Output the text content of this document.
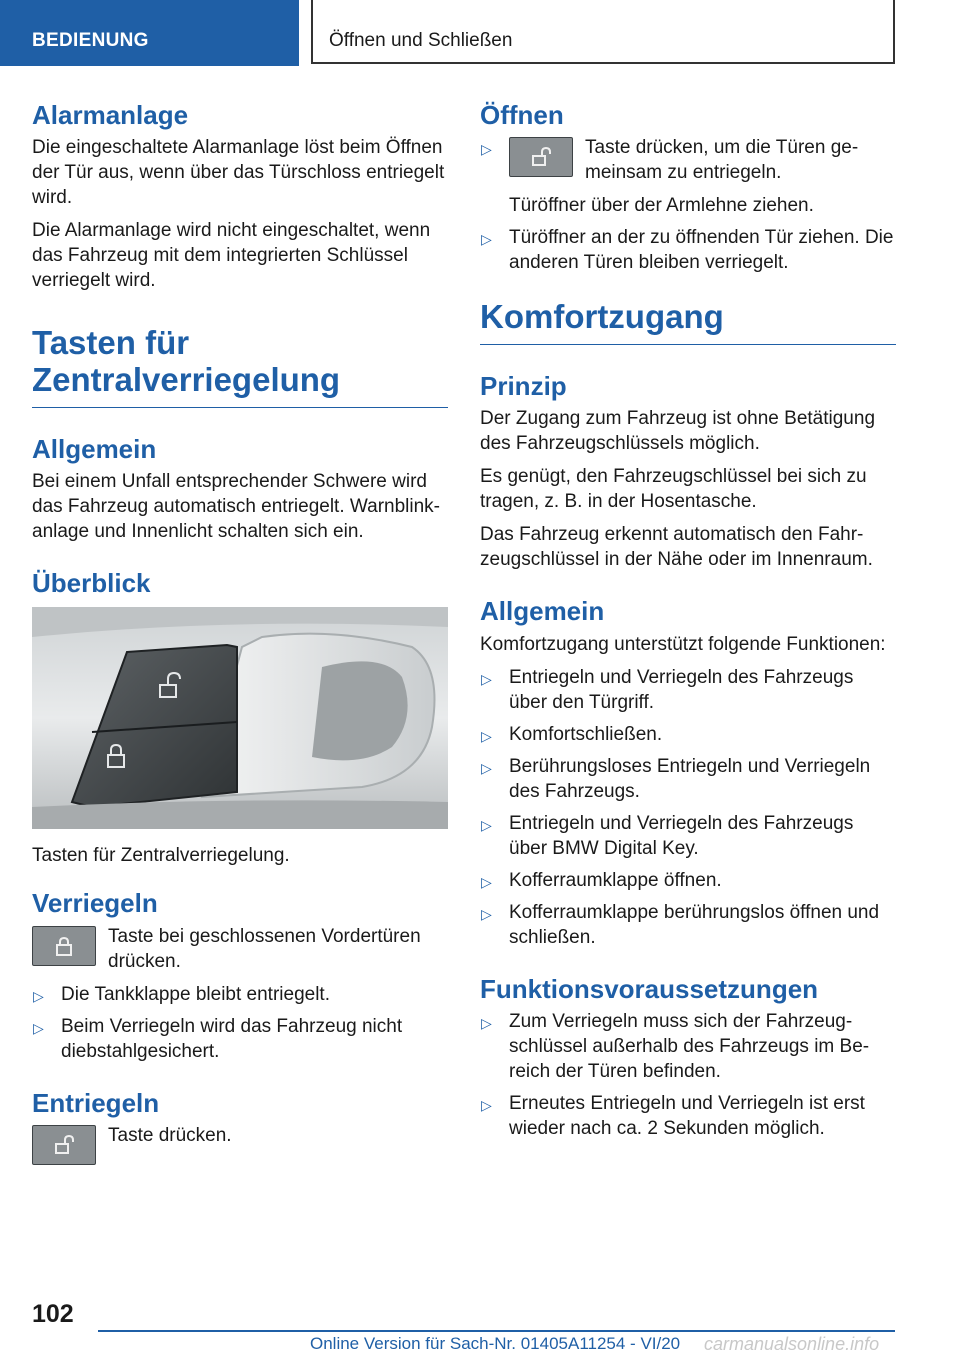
BEDIENUNG	Öffnen und Schließen
Alarmanlage

Die eingeschaltete Alarmanlage löst beim Öffnen der Tür aus, wenn über das Türschloss entriegelt wird.

Die Alarmanlage wird nicht eingeschaltet, wenn das Fahrzeug mit dem integrierten Schlüssel verriegelt wird.

Tasten für Zentralverriegelung
Allgemein

Bei einem Unfall entsprechender Schwere wird das Fahrzeug automatisch entriegelt. Warnblinkanlage und Innenlicht schalten sich ein.

Überblick

Tasten für Zentralverriegelung.

Verriegeln
Taste bei geschlossenen Vordertüren drücken.
▷ Die Tankklappe bleibt entriegelt.
▷ Beim Verriegeln wird das Fahrzeug nicht diebstahlgesichert.
Entriegeln
Taste drücken.
Öffnen
▷	Taste drücken, um die Türen gemeinsam zu entriegeln.
Türöffner über der Armlehne ziehen.
▷ Türöffner an der zu öffnenden Tür ziehen. Die anderen Türen bleiben verriegelt.
Komfortzugang
Prinzip

Der Zugang zum Fahrzeug ist ohne Betätigung des Fahrzeugschlüssels möglich.

Es genügt, den Fahrzeugschlüssel bei sich zu tragen, z. B. in der Hosentasche.

Das Fahrzeug erkennt automatisch den Fahrzeugschlüssel in der Nähe oder im Innenraum.

Allgemein

Komfortzugang unterstützt folgende Funktionen:

▷ Entriegeln und Verriegeln des Fahrzeugs über den Türgriff.
▷ Komfortschließen.
▷ Berührungsloses Entriegeln und Verriegeln des Fahrzeugs.
▷ Entriegeln und Verriegeln des Fahrzeugs über BMW Digital Key.
▷ Kofferraumklappe öffnen.
▷ Kofferraumklappe berührungslos öffnen und schließen.
Funktionsvoraussetzungen
▷ Zum Verriegeln muss sich der Fahrzeugschlüssel außerhalb des Fahrzeugs im Bereich der Türen befinden.
▷ Erneutes Entriegeln und Verriegeln ist erst wieder nach ca. 2 Sekunden möglich.
102
Online Version für Sach-Nr. 01405A11254 - VI/20 carmanualsonline.info
